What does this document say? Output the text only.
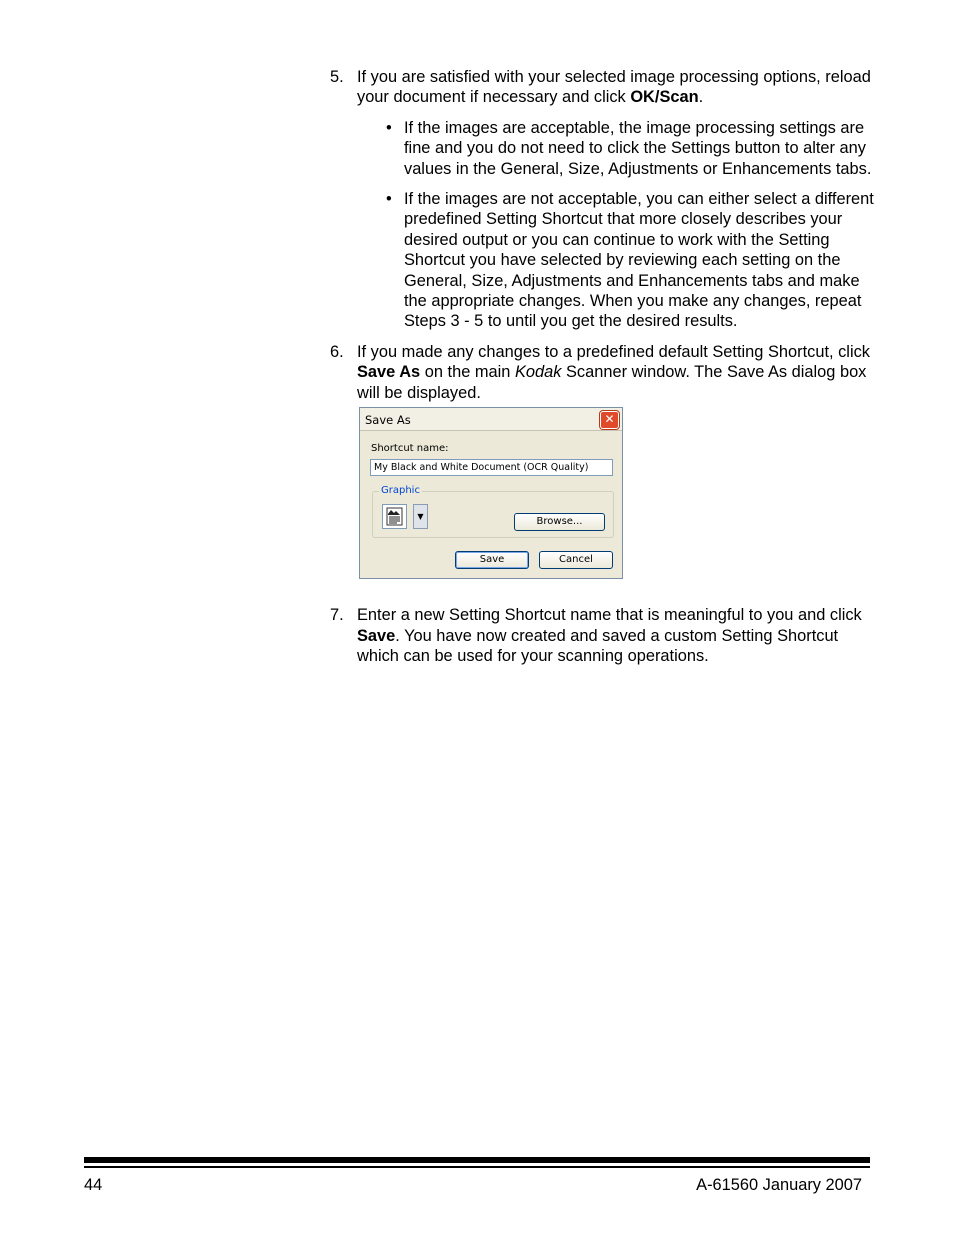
5. If you are satisfied with your selected image processing options, reload your document if necessary and click OK/Scan.

• If the images are acceptable, the image processing settings are fine and you do not need to click the Settings button to alter any values in the General, Size, Adjustments or Enhancements tabs.
• If the images are not acceptable, you can either select a different predefined Setting Shortcut that more closely describes your desired output or you can continue to work with the Setting Shortcut you have selected by reviewing each setting on the General, Size, Adjustments and Enhancements tabs and make the appropriate changes. When you make any changes, repeat Steps 3 - 5 to until you get the desired results.
6. If you made any changes to a predefined default Setting Shortcut, click Save As on the main Kodak Scanner window. The Save As dialog box will be displayed.

7. Enter a new Setting Shortcut name that is meaningful to you and click Save. You have now created and saved a custom Setting Shortcut which can be used for your scanning operations.

Save As	✕
Shortcut name:
My Black and White Document (OCR Quality)
Graphic
▼	Browse...
Save	Cancel
44	A-61560 January 2007
